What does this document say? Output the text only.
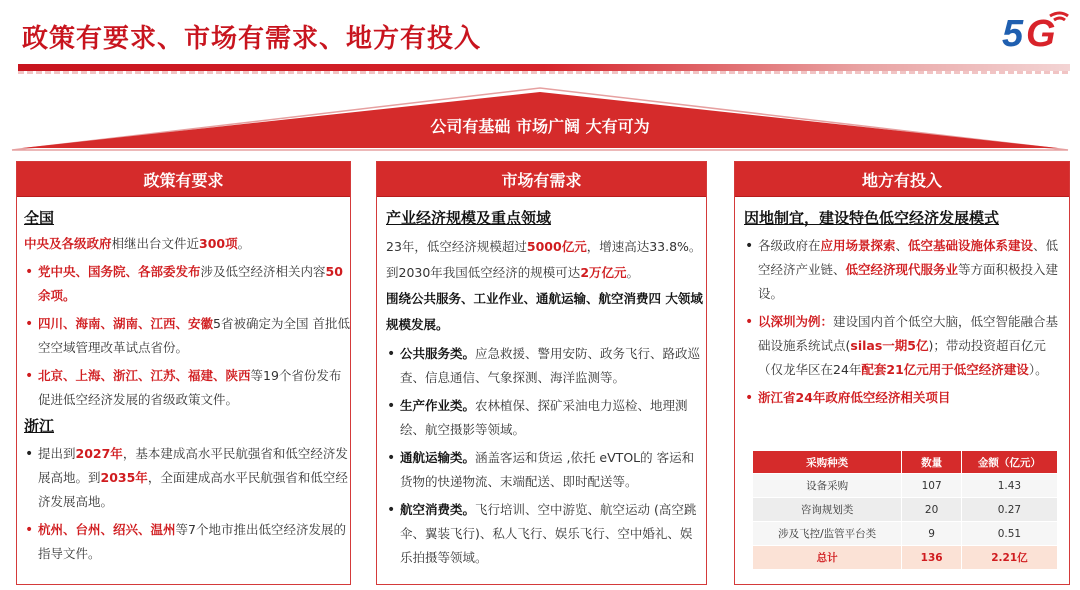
政策有要求、市场有需求、地方有投入	5 G
公司有基础 市场广阔 大有可为
政策有要求
全国
中央及各级政府相继出台文件近300项。
• 党中央、国务院、各部委发布涉及低空经济相关内容50余项。
• 四川、海南、湖南、江西、安徽5省被确定为全国 首批低空空域管理改革试点省份。
• 北京、上海、浙江、江苏、福建、陕西等19个省份发布促进低空经济发展的省级政策文件。
浙江
• 提出到2027年，基本建成高水平民航强省和低空经济发展高地。到2035年，全面建成高水平民航强省和低空经济发展高地。
• 杭州、台州、绍兴、温州等7个地市推出低空经济发展的指导文件。
市场有需求
产业经济规模及重点领域
23年，低空经济规模超过5000亿元，增速高达33.8%。到2030年我国低空经济的规模可达2万亿元。
围绕公共服务、工业作业、通航运输、航空消费四 大领域规模发展。
• 公共服务类。应急救援、警用安防、政务飞行、路政巡查、信息通信、气象探测、海洋监测等。
• 生产作业类。农林植保、探矿采油电力巡检、地理测绘、航空摄影等领域。
• 通航运输类。涵盖客运和货运 ,依托 eVTOL的 客运和货物的快递物流、末端配送、即时配送等。
• 航空消费类。飞行培训、空中游览、航空运动 (高空跳伞、翼装飞行)、私人飞行、娱乐飞行、空中婚礼、娱乐拍摄等领域。
地方有投入
因地制宜，建设特色低空经济发展模式
• 各级政府在应用场景探索、低空基础设施体系建设、低空经济产业链、低空经济现代服务业等方面积极投入建设。
• 以深圳为例：建设国内首个低空大脑，低空智能融合基础设施系统试点(silas一期5亿)；带动投资超百亿元（仅龙华区在24年配套21亿元用于低空经济建设）。
• 浙江省24年政府低空经济相关项目
采购种类	数量	金额（亿元）
设备采购	107	1.43
咨询规划类	20	0.27
涉及飞控/监管平台类	9	0.51
总计	136	2.21亿
